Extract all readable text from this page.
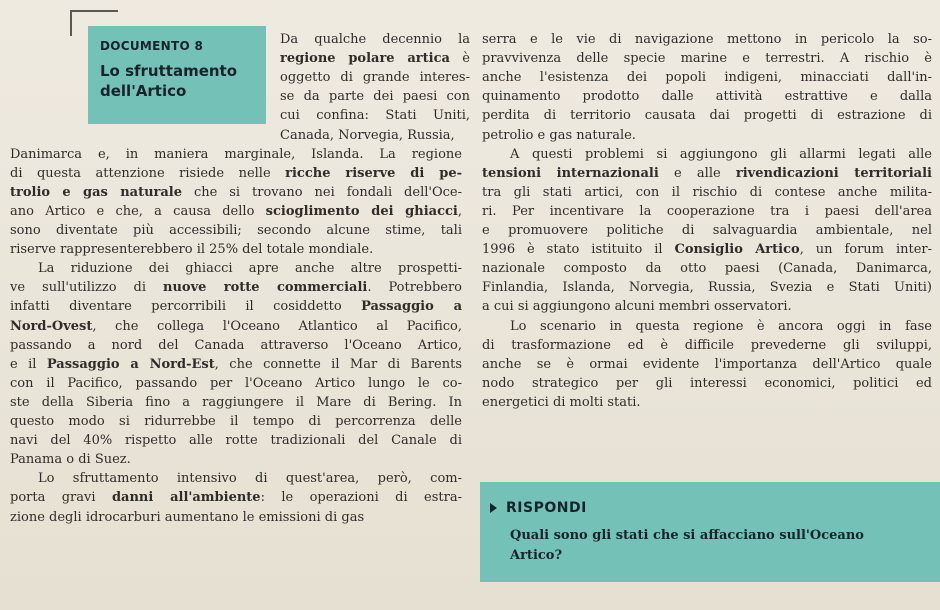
DOCUMENTO 8
Lo sfruttamento
dell'Artico
Da qualche decennio la
regione polare artica è
oggetto di grande interes-
se da parte dei paesi con
cui confina: Stati Uniti,
Canada, Norvegia, Russia,
Danimarca e, in maniera marginale, Islanda. La regione
di questa attenzione risiede nelle ricche riserve di pe-
trolio e gas naturale che si trovano nei fondali dell'Oce-
ano Artico e che, a causa dello scioglimento dei ghiacci,
sono diventate più accessibili; secondo alcune stime, tali
riserve rappresenterebbero il 25% del totale mondiale.
La riduzione dei ghiacci apre anche altre prospetti-
ve sull'utilizzo di nuove rotte commerciali. Potrebbero
infatti diventare percorribili il cosiddetto Passaggio a
Nord-Ovest, che collega l'Oceano Atlantico al Pacifico,
passando a nord del Canada attraverso l'Oceano Artico,
e il Passaggio a Nord-Est, che connette il Mar di Barents
con il Pacifico, passando per l'Oceano Artico lungo le co-
ste della Siberia fino a raggiungere il Mare di Bering. In
questo modo si ridurrebbe il tempo di percorrenza delle
navi del 40% rispetto alle rotte tradizionali del Canale di
Panama o di Suez.
Lo sfruttamento intensivo di quest'area, però, com-
porta gravi danni all'ambiente: le operazioni di estra-
zione degli idrocarburi aumentano le emissioni di gas
serra e le vie di navigazione mettono in pericolo la so-
pravvivenza delle specie marine e terrestri. A rischio è
anche l'esistenza dei popoli indigeni, minacciati dall'in-
quinamento prodotto dalle attività estrattive e dalla
perdita di territorio causata dai progetti di estrazione di
petrolio e gas naturale.
A questi problemi si aggiungono gli allarmi legati alle
tensioni internazionali e alle rivendicazioni territoriali
tra gli stati artici, con il rischio di contese anche milita-
ri. Per incentivare la cooperazione tra i paesi dell'area
e promuovere politiche di salvaguardia ambientale, nel
1996 è stato istituito il Consiglio Artico, un forum inter-
nazionale composto da otto paesi (Canada, Danimarca,
Finlandia, Islanda, Norvegia, Russia, Svezia e Stati Uniti)
a cui si aggiungono alcuni membri osservatori.
Lo scenario in questa regione è ancora oggi in fase
di trasformazione ed è difficile prevederne gli sviluppi,
anche se è ormai evidente l'importanza dell'Artico quale
nodo strategico per gli interessi economici, politici ed
energetici di molti stati.
RISPONDI
Quali sono gli stati che si affacciano sull'Oceano
Artico?
